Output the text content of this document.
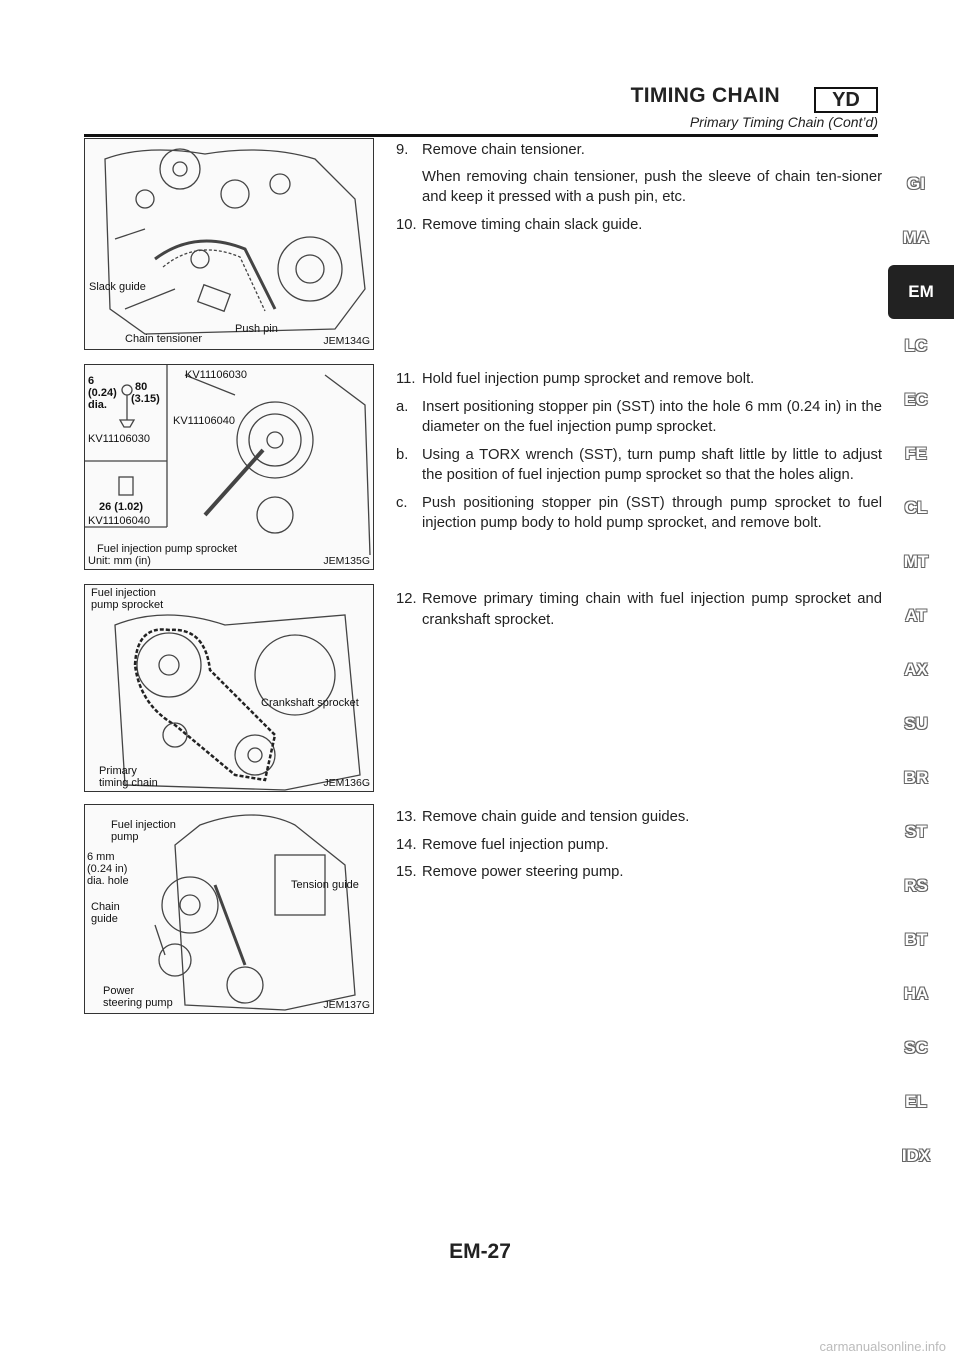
TIMING CHAIN	YD
Primary Timing Chain (Cont’d)
Slack guide
Chain tensioner
Push pin
JEM134G
6
(0.24)
dia.
80
(3.15)
KV11106030
26 (1.02)
KV11106040
KV11106030
KV11106040
Fuel injection pump sprocket
Unit: mm (in)	JEM135G
Fuel injection
pump sprocket
Crankshaft sprocket
Primary
timing chain	JEM136G
Fuel injection
pump
6 mm
(0.24 in)
dia. hole	Tension guide
Chain
guide
Power
steering pump	JEM137G
9. Remove chain tensioner.
When removing chain tensioner, push the sleeve of chain ten-sioner and keep it pressed with a push pin, etc.
10. Remove timing chain slack guide.
11. Hold fuel injection pump sprocket and remove bolt.
a. Insert positioning stopper pin (SST) into the hole 6 mm (0.24 in) in the diameter on the fuel injection pump sprocket.
b. Using a TORX wrench (SST), turn pump shaft little by little to adjust the position of fuel injection pump sprocket so that the holes align.
c. Push positioning stopper pin (SST) through pump sprocket to fuel injection pump body to hold pump sprocket, and remove bolt.
12. Remove primary timing chain with fuel injection pump sprocket and crankshaft sprocket.
13. Remove chain guide and tension guides.
14. Remove fuel injection pump.
15. Remove power steering pump.
GI
MA
EM
LC
EC
FE
CL
MT
AT
AX
SU
BR
ST
RS
BT
HA
SC
EL
IDX
EM-27
carmanualsonline.info
